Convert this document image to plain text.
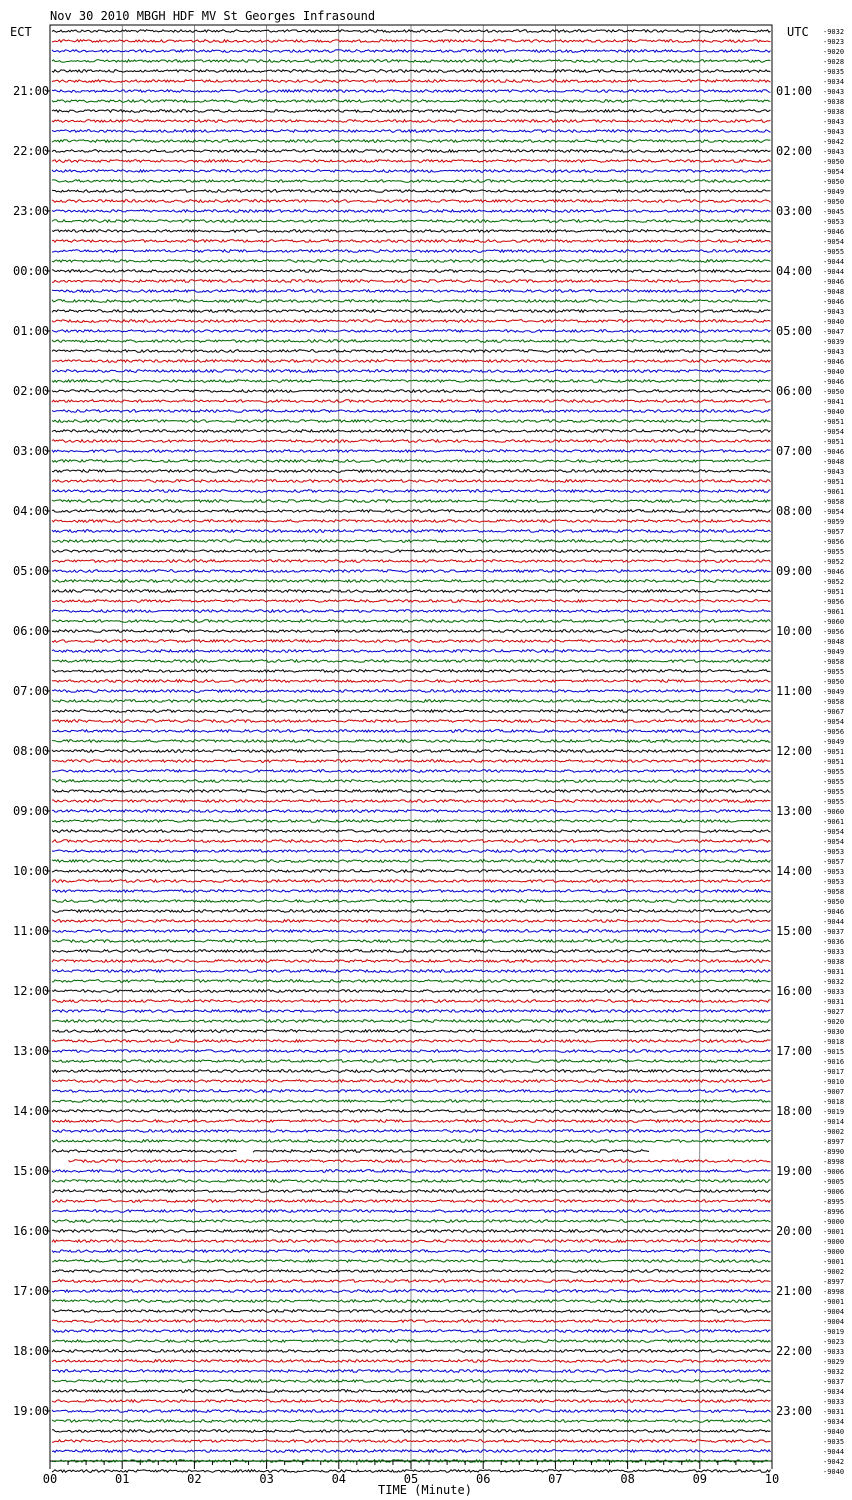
Nov 30 2010 MBGH HDF MV St Georges Infrasound
ECT	UTC
TIME (Minute)
21:00
22:00
23:00
00:00
01:00
02:00
03:00
04:00
05:00
06:00
07:00
08:00
09:00
10:00
11:00
12:00
13:00
14:00
15:00
16:00
17:00
18:00
19:00
01:00
02:00
03:00
04:00
05:00
06:00
07:00
08:00
09:00
10:00
11:00
12:00
13:00
14:00
15:00
16:00
17:00
18:00
19:00
20:00
21:00
22:00
23:00
-9032
-9023
-9020
-9028
-9035
-9034
-9043
-9038
-9038
-9043
-9043
-9042
-9043
-9050
-9054
-9050
-9049
-9050
-9045
-9053
-9046
-9054
-9055
-9044
-9044
-9046
-9048
-9046
-9043
-9040
-9047
-9039
-9043
-9046
-9040
-9046
-9050
-9041
-9040
-9051
-9054
-9051
-9046
-9048
-9043
-9051
-9061
-9058
-9054
-9059
-9057
-9056
-9055
-9052
-9046
-9052
-9051
-9056
-9061
-9060
-9056
-9048
-9049
-9058
-9055
-9050
-9049
-9058
-9067
-9054
-9056
-9049
-9051
-9051
-9055
-9055
-9055
-9055
-9060
-9061
-9054
-9054
-9053
-9057
-9053
-9053
-9058
-9050
-9046
-9044
-9037
-9036
-9033
-9038
-9031
-9032
-9033
-9031
-9027
-9020
-9030
-9018
-9015
-9016
-9017
-9010
-9007
-9018
-9019
-9014
-9002
-8997
-8990
-8998
-9006
-9005
-9006
-8995
-8996
-9000
-9001
-9000
-9000
-9001
-9002
-8997
-8998
-9001
-9004
-9004
-9019
-9023
-9033
-9029
-9032
-9037
-9034
-9033
-9031
-9034
-9040
-9035
-9044
-9042
-9040
00	01	02	03	04	05	06	07	08	09	10
